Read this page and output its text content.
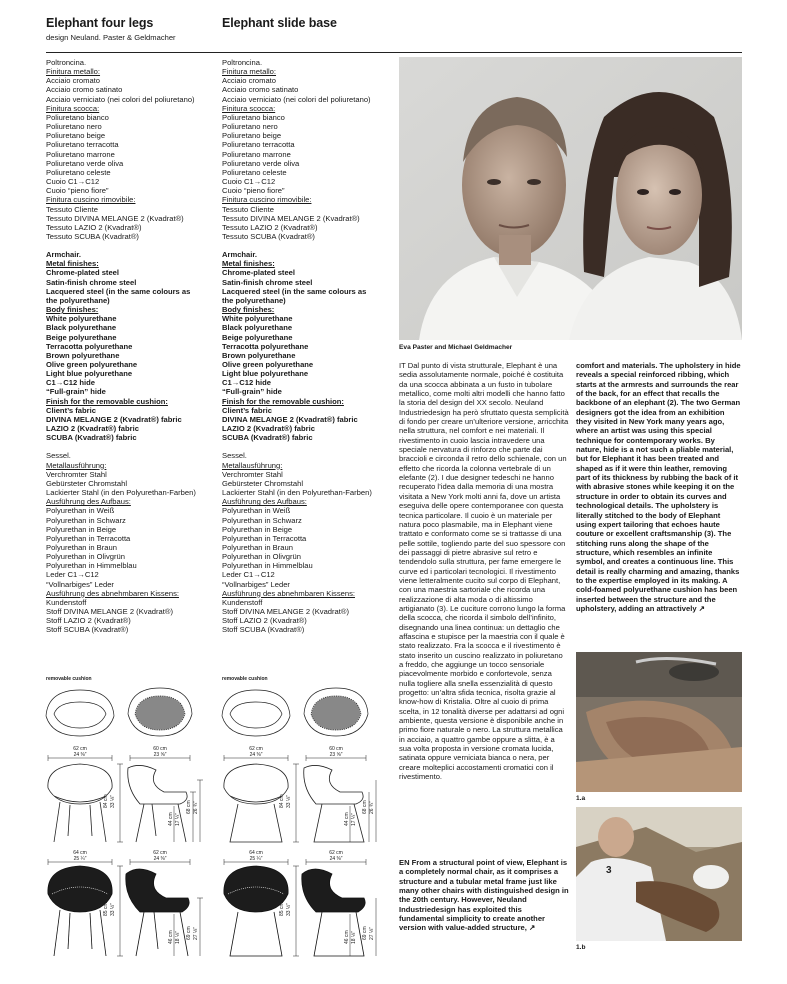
Elephant four legs
design Neuland. Paster & Geldmacher
Elephant slide base
Poltroncina.
Finitura metallo:
Acciaio cromato
Acciaio cromo satinato
Acciaio verniciato (nei colori del poliuretano)
Finitura scocca:
Poliuretano bianco
Poliuretano nero
Poliuretano beige
Poliuretano terracotta
Poliuretano marrone
Poliuretano verde oliva
Poliuretano celeste
Cuoio C1→C12
Cuoio “pieno fiore”
Finitura cuscino rimovibile:
Tessuto Cliente
Tessuto DIVINA MELANGE 2 (Kvadrat®)
Tessuto LAZIO 2 (Kvadrat®)
Tessuto SCUBA (Kvadrat®)
Armchair.
Metal finishes:
Chrome-plated steel
Satin-finish chrome steel
Lacquered steel (in the same colours as
the polyurethane)
Body finishes:
White polyurethane
Black polyurethane
Beige polyurethane
Terracotta polyurethane
Brown polyurethane
Olive green polyurethane
Light blue polyurethane
C1→C12 hide
“Full-grain” hide
Finish for the removable cushion:
Client’s fabric
DIVINA MELANGE 2 (Kvadrat®) fabric
LAZIO 2 (Kvadrat®) fabric
SCUBA (Kvadrat®) fabric
Sessel.
Metallausführung:
Verchromter Stahl
Gebürsteter Chromstahl
Lackierter Stahl (in den Polyurethan-Farben)
Ausführung des Aufbaus:
Polyurethan in Weiß
Polyurethan in Schwarz
Polyurethan in Beige
Polyurethan in Terracotta
Polyurethan in Braun
Polyurethan in Olivgrün
Polyurethan in Himmelblau
Leder C1→C12
“Vollnarbiges” Leder
Ausführung des abnehmbaren Kissens:
Kundenstoff
Stoff DIVINA MELANGE 2 (Kvadrat®)
Stoff LAZIO 2 (Kvadrat®)
Stoff SCUBA (Kvadrat®)
Poltroncina.
Finitura metallo:
Acciaio cromato
Acciaio cromo satinato
Acciaio verniciato (nei colori del poliuretano)
Finitura scocca:
Poliuretano bianco
Poliuretano nero
Poliuretano beige
Poliuretano terracotta
Poliuretano marrone
Poliuretano verde oliva
Poliuretano celeste
Cuoio C1→C12
Cuoio “pieno fiore”
Finitura cuscino rimovibile:
Tessuto Cliente
Tessuto DIVINA MELANGE 2 (Kvadrat®)
Tessuto LAZIO 2 (Kvadrat®)
Tessuto SCUBA (Kvadrat®)
Armchair.
Metal finishes:
Chrome-plated steel
Satin-finish chrome steel
Lacquered steel (in the same colours as
the polyurethane)
Body finishes:
White polyurethane
Black polyurethane
Beige polyurethane
Terracotta polyurethane
Brown polyurethane
Olive green polyurethane
Light blue polyurethane
C1→C12 hide
“Full-grain” hide
Finish for the removable cushion:
Client’s fabric
DIVINA MELANGE 2 (Kvadrat®) fabric
LAZIO 2 (Kvadrat®) fabric
SCUBA (Kvadrat®) fabric
Sessel.
Metallausführung:
Verchromter Stahl
Gebürsteter Chromstahl
Lackierter Stahl (in den Polyurethan-Farben)
Ausführung des Aufbaus:
Polyurethan in Weiß
Polyurethan in Schwarz
Polyurethan in Beige
Polyurethan in Terracotta
Polyurethan in Braun
Polyurethan in Olivgrün
Polyurethan in Himmelblau
Leder C1→C12
“Vollnarbiges” Leder
Ausführung des abnehmbaren Kissens:
Kundenstoff
Stoff DIVINA MELANGE 2 (Kvadrat®)
Stoff LAZIO 2 (Kvadrat®)
Stoff SCUBA (Kvadrat®)
Eva Paster and Michael Geldmacher
IT Dal punto di vista strutturale, Elephant è una sedia assolutamente normale, poiché è costituita da una scocca abbinata a un fusto in tubolare metallico, come molti altri modelli che hanno fatto la storia del design del XX secolo. Neuland Industriedesign ha però sfruttato questa semplicità di fondo per creare un’ulteriore versione, arricchita nella struttura, nel comfort e nei materiali. Il rivestimento in cuoio lascia intravedere una speciale nervatura di rinforzo che parte dai braccioli e circonda il retro dello schienale, con un effetto che ricorda la colonna vertebrale di un elefante (2). I due designer tedeschi ne hanno recuperato l’idea dalla memoria di una mostra visitata a New York molti anni fa, dove un artista eseguiva delle opere contemporanee con questa tecnica particolare. Il cuoio è un materiale per natura poco plasmabile, ma in Elephant viene trattato e conformato come se si trattasse di una pelle sottile, togliendo parte del suo spessore con dei passaggi di pietre abrasive sul retro e tendendolo sulla struttura, per fame emergere le curve ed i particolari tecnologici. Il rivestimento viene letteralmente cucito sul corpo di Elephant, con una maestria sartoriale che ricorda una realizzazione di alta moda o di altissimo artigianato (3). Le cuciture corrono lungo la forma della scocca, che ricorda il simbolo dell’infinito, disegnando una linea continua: un dettaglio che affascina e stupisce per la maestria con il quale è stato realizzato. Fra la scocca e il rivestimento è stato inserito un cuscino realizzato in poliuretano a freddo, che aggiunge un tocco sensoriale piacevolmente morbido e confortevole, senza nulla togliere alla snella essenzialità di questo progetto: un’altra sfida tecnica, risolta grazie al know-how di Kristalia. Oltre al cuoio di prima scelta, in 12 tonalità diverse per adattarsi ad ogni ambiente, questa versione è disponibile anche in primo fiore naturale o nero. La struttura metallica in acciaio, a quattro gambe oppure a slitta, è a sua volta proposta in versione cromata lucida, satinata oppure verniciata bianca o nera, per creare molteplici accostamenti cromatici con il rivestimento.
EN From a structural point of view, Elephant is a completely normal chair, as it comprises a structure and a tubular metal frame just like many other chairs with distinguished design in the 20th century. However, Neuland Industriedesign has exploited this fundamental simplicity to create another version with value-added structure, ↗
comfort and materials. The upholstery in hide reveals a special reinforced ribbing, which starts at the armrests and surrounds the rear of the back, for an effect that recalls the backbone of an elephant (2). The two German designers got the idea from an exhibition they visited in New York many years ago, where an artist was using this special technique for contemporary works. By nature, hide is a not such a pliable material, but for Elephant it has been treated and shaped as if it were thin leather, removing part of its thickness by rubbing the back of it with abrasive stones while keeping it on the structure in order to obtain its curves and technological details. The upholstery is literally stitched to the body of Elephant using expert tailoring that echoes haute couture or excellent craftsmanship (3). The stitching runs along the shape of the structure, which resembles an infinite symbol, and creates a continuous line. This detail is really charming and amazing, thanks to the expertise employed in its making. A cold-foamed polyurethane cushion has been inserted between the structure and the upholstery, adding an attractively ↗
1.a
3
1.b
removable cushion	removable cushion
62 cm
24 ⅜”
60 cm
23 ⅝”
84 cm 33 ⅛”
44 cm 17 ¼”
68 cm 26 ¾”
64 cm
25 ¼”
62 cm
24 ⅜”
85 cm 33 ½”
46 cm 18 ⅛” 69 cm 27 ⅛”
62 cm
24 ⅜”
60 cm
23 ⅝”
84 cm 33 ⅛”
44 cm 17 ¼”
68 cm 26 ¾”
64 cm
25 ¼”
62 cm
24 ⅜”
85 cm 33 ½”
46 cm 18 ⅛” 69 cm 27 ⅛”
